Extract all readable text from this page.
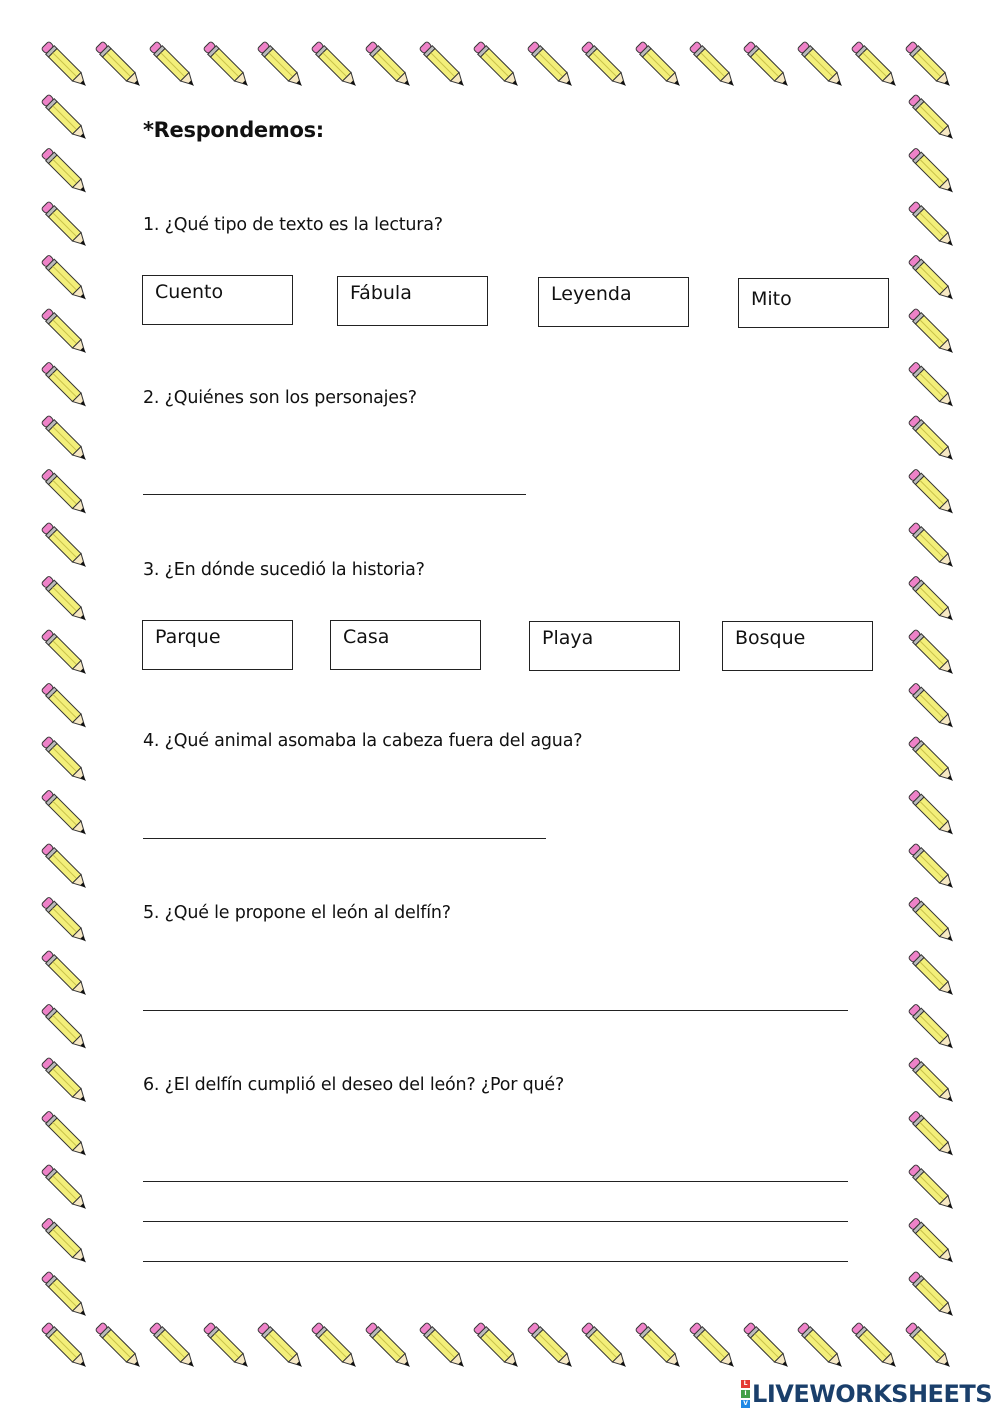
*Respondemos:
1. ¿Qué tipo de texto es la lectura?
Cuento	Fábula	Leyenda	Mito
2. ¿Quiénes son los personajes?
3. ¿En dónde sucedió la historia?
Parque	Casa	Playa	Bosque
4. ¿Qué animal asomaba la cabeza fuera del agua?
5. ¿Qué le propone el león al delfín?
6. ¿El delfín cumplió el deseo del león? ¿Por qué?
L
I
V LIVEWORKSHEETS
